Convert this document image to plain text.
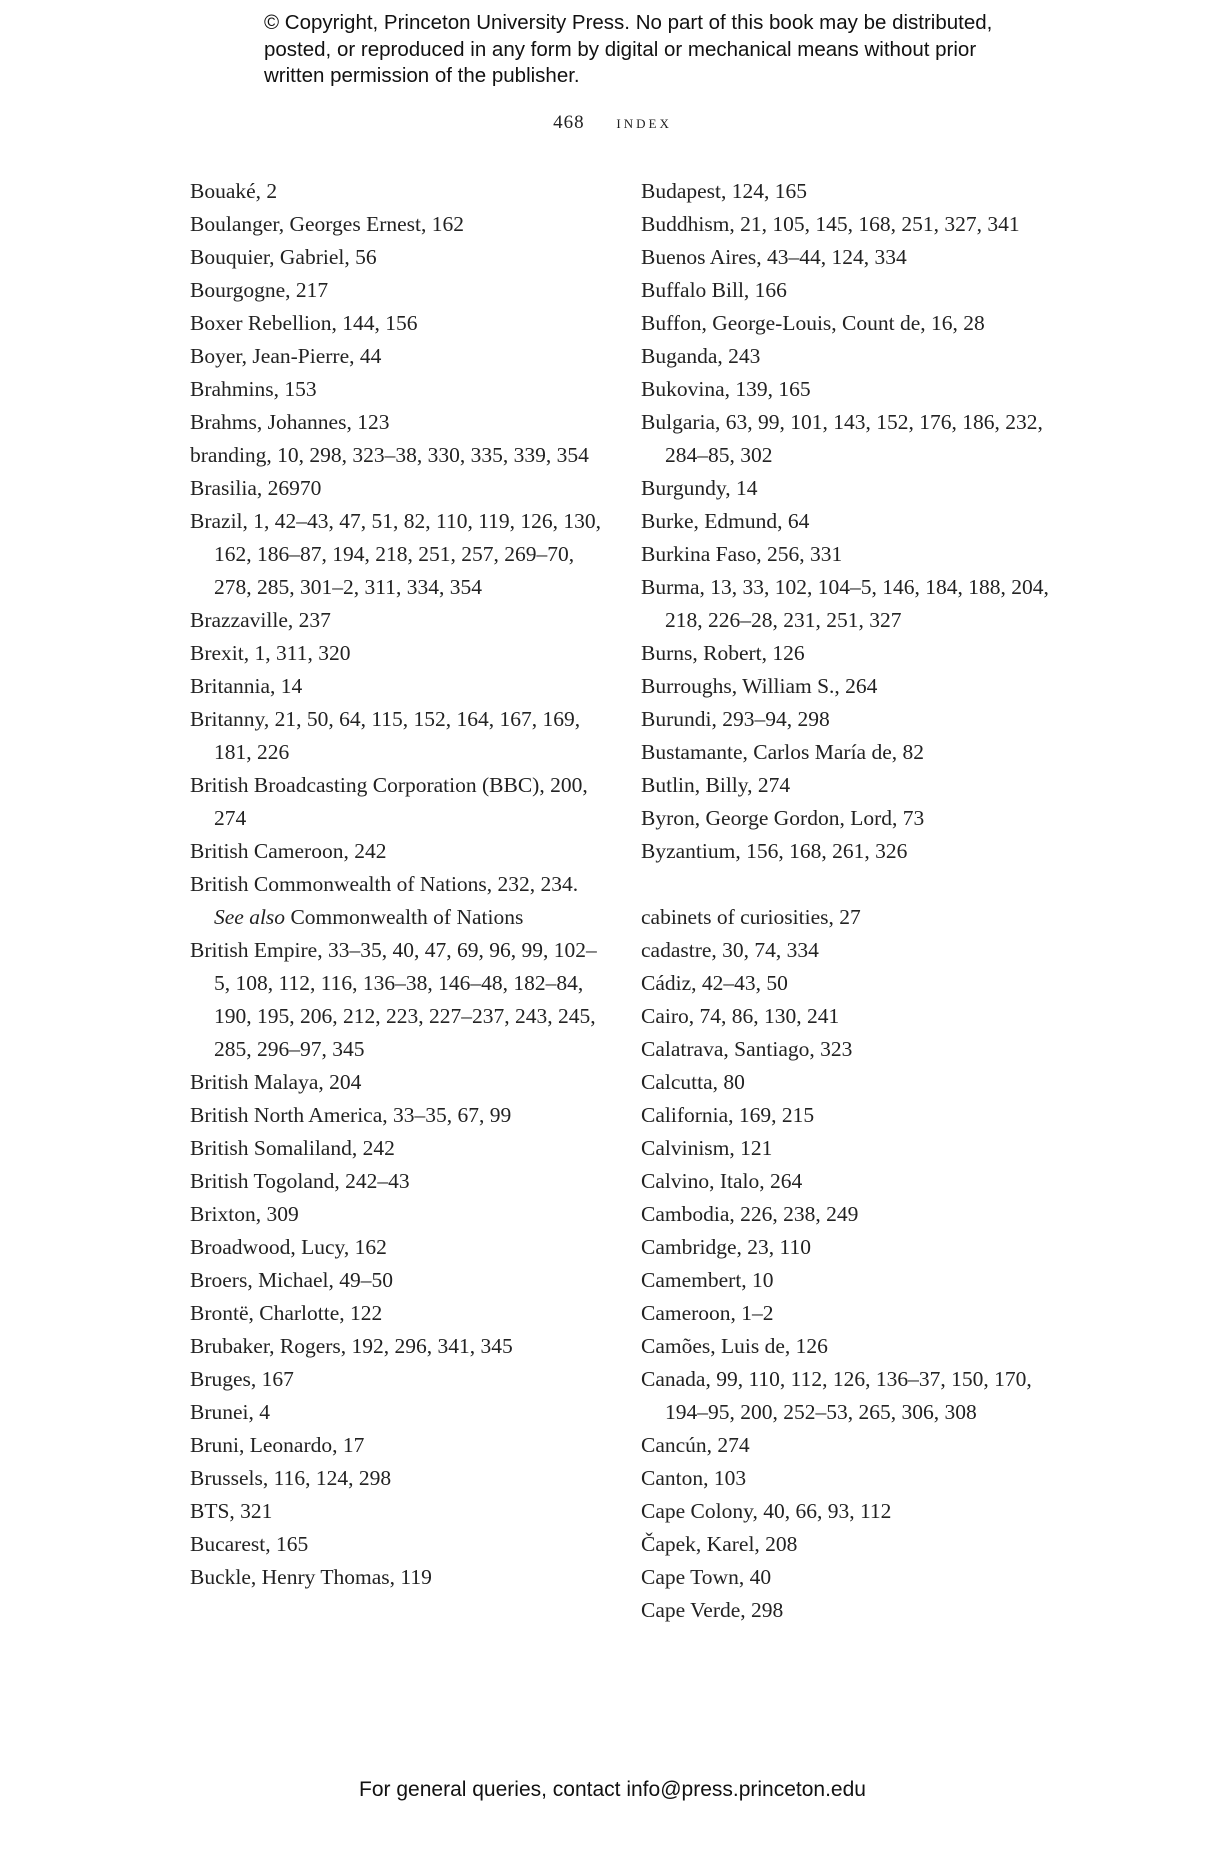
© Copyright, Princeton University Press. No part of this book may be distributed, posted, or reproduced in any form by digital or mechanical means without prior written permission of the publisher.
468 index
Bouaké, 2
Boulanger, Georges Ernest, 162
Bouquier, Gabriel, 56
Bourgogne, 217
Boxer Rebellion, 144, 156
Boyer, Jean-Pierre, 44
Brahmins, 153
Brahms, Johannes, 123
branding, 10, 298, 323–38, 330, 335, 339, 354
Brasilia, 26970
Brazil, 1, 42–43, 47, 51, 82, 110, 119, 126, 130, 162, 186–87, 194, 218, 251, 257, 269–70, 278, 285, 301–2, 311, 334, 354
Brazzaville, 237
Brexit, 1, 311, 320
Britannia, 14
Britanny, 21, 50, 64, 115, 152, 164, 167, 169, 181, 226
British Broadcasting Corporation (BBC), 200, 274
British Cameroon, 242
British Commonwealth of Nations, 232, 234. See also Commonwealth of Nations
British Empire, 33–35, 40, 47, 69, 96, 99, 102–5, 108, 112, 116, 136–38, 146–48, 182–84, 190, 195, 206, 212, 223, 227–237, 243, 245, 285, 296–97, 345
British Malaya, 204
British North America, 33–35, 67, 99
British Somaliland, 242
British Togoland, 242–43
Brixton, 309
Broadwood, Lucy, 162
Broers, Michael, 49–50
Brontë, Charlotte, 122
Brubaker, Rogers, 192, 296, 341, 345
Bruges, 167
Brunei, 4
Bruni, Leonardo, 17
Brussels, 116, 124, 298
BTS, 321
Bucarest, 165
Buckle, Henry Thomas, 119
Budapest, 124, 165
Buddhism, 21, 105, 145, 168, 251, 327, 341
Buenos Aires, 43–44, 124, 334
Buffalo Bill, 166
Buffon, George-Louis, Count de, 16, 28
Buganda, 243
Bukovina, 139, 165
Bulgaria, 63, 99, 101, 143, 152, 176, 186, 232, 284–85, 302
Burgundy, 14
Burke, Edmund, 64
Burkina Faso, 256, 331
Burma, 13, 33, 102, 104–5, 146, 184, 188, 204, 218, 226–28, 231, 251, 327
Burns, Robert, 126
Burroughs, William S., 264
Burundi, 293–94, 298
Bustamante, Carlos María de, 82
Butlin, Billy, 274
Byron, George Gordon, Lord, 73
Byzantium, 156, 168, 261, 326
cabinets of curiosities, 27
cadastre, 30, 74, 334
Cádiz, 42–43, 50
Cairo, 74, 86, 130, 241
Calatrava, Santiago, 323
Calcutta, 80
California, 169, 215
Calvinism, 121
Calvino, Italo, 264
Cambodia, 226, 238, 249
Cambridge, 23, 110
Camembert, 10
Cameroon, 1–2
Camões, Luis de, 126
Canada, 99, 110, 112, 126, 136–37, 150, 170, 194–95, 200, 252–53, 265, 306, 308
Cancún, 274
Canton, 103
Cape Colony, 40, 66, 93, 112
Čapek, Karel, 208
Cape Town, 40
Cape Verde, 298
For general queries, contact info@press.princeton.edu
